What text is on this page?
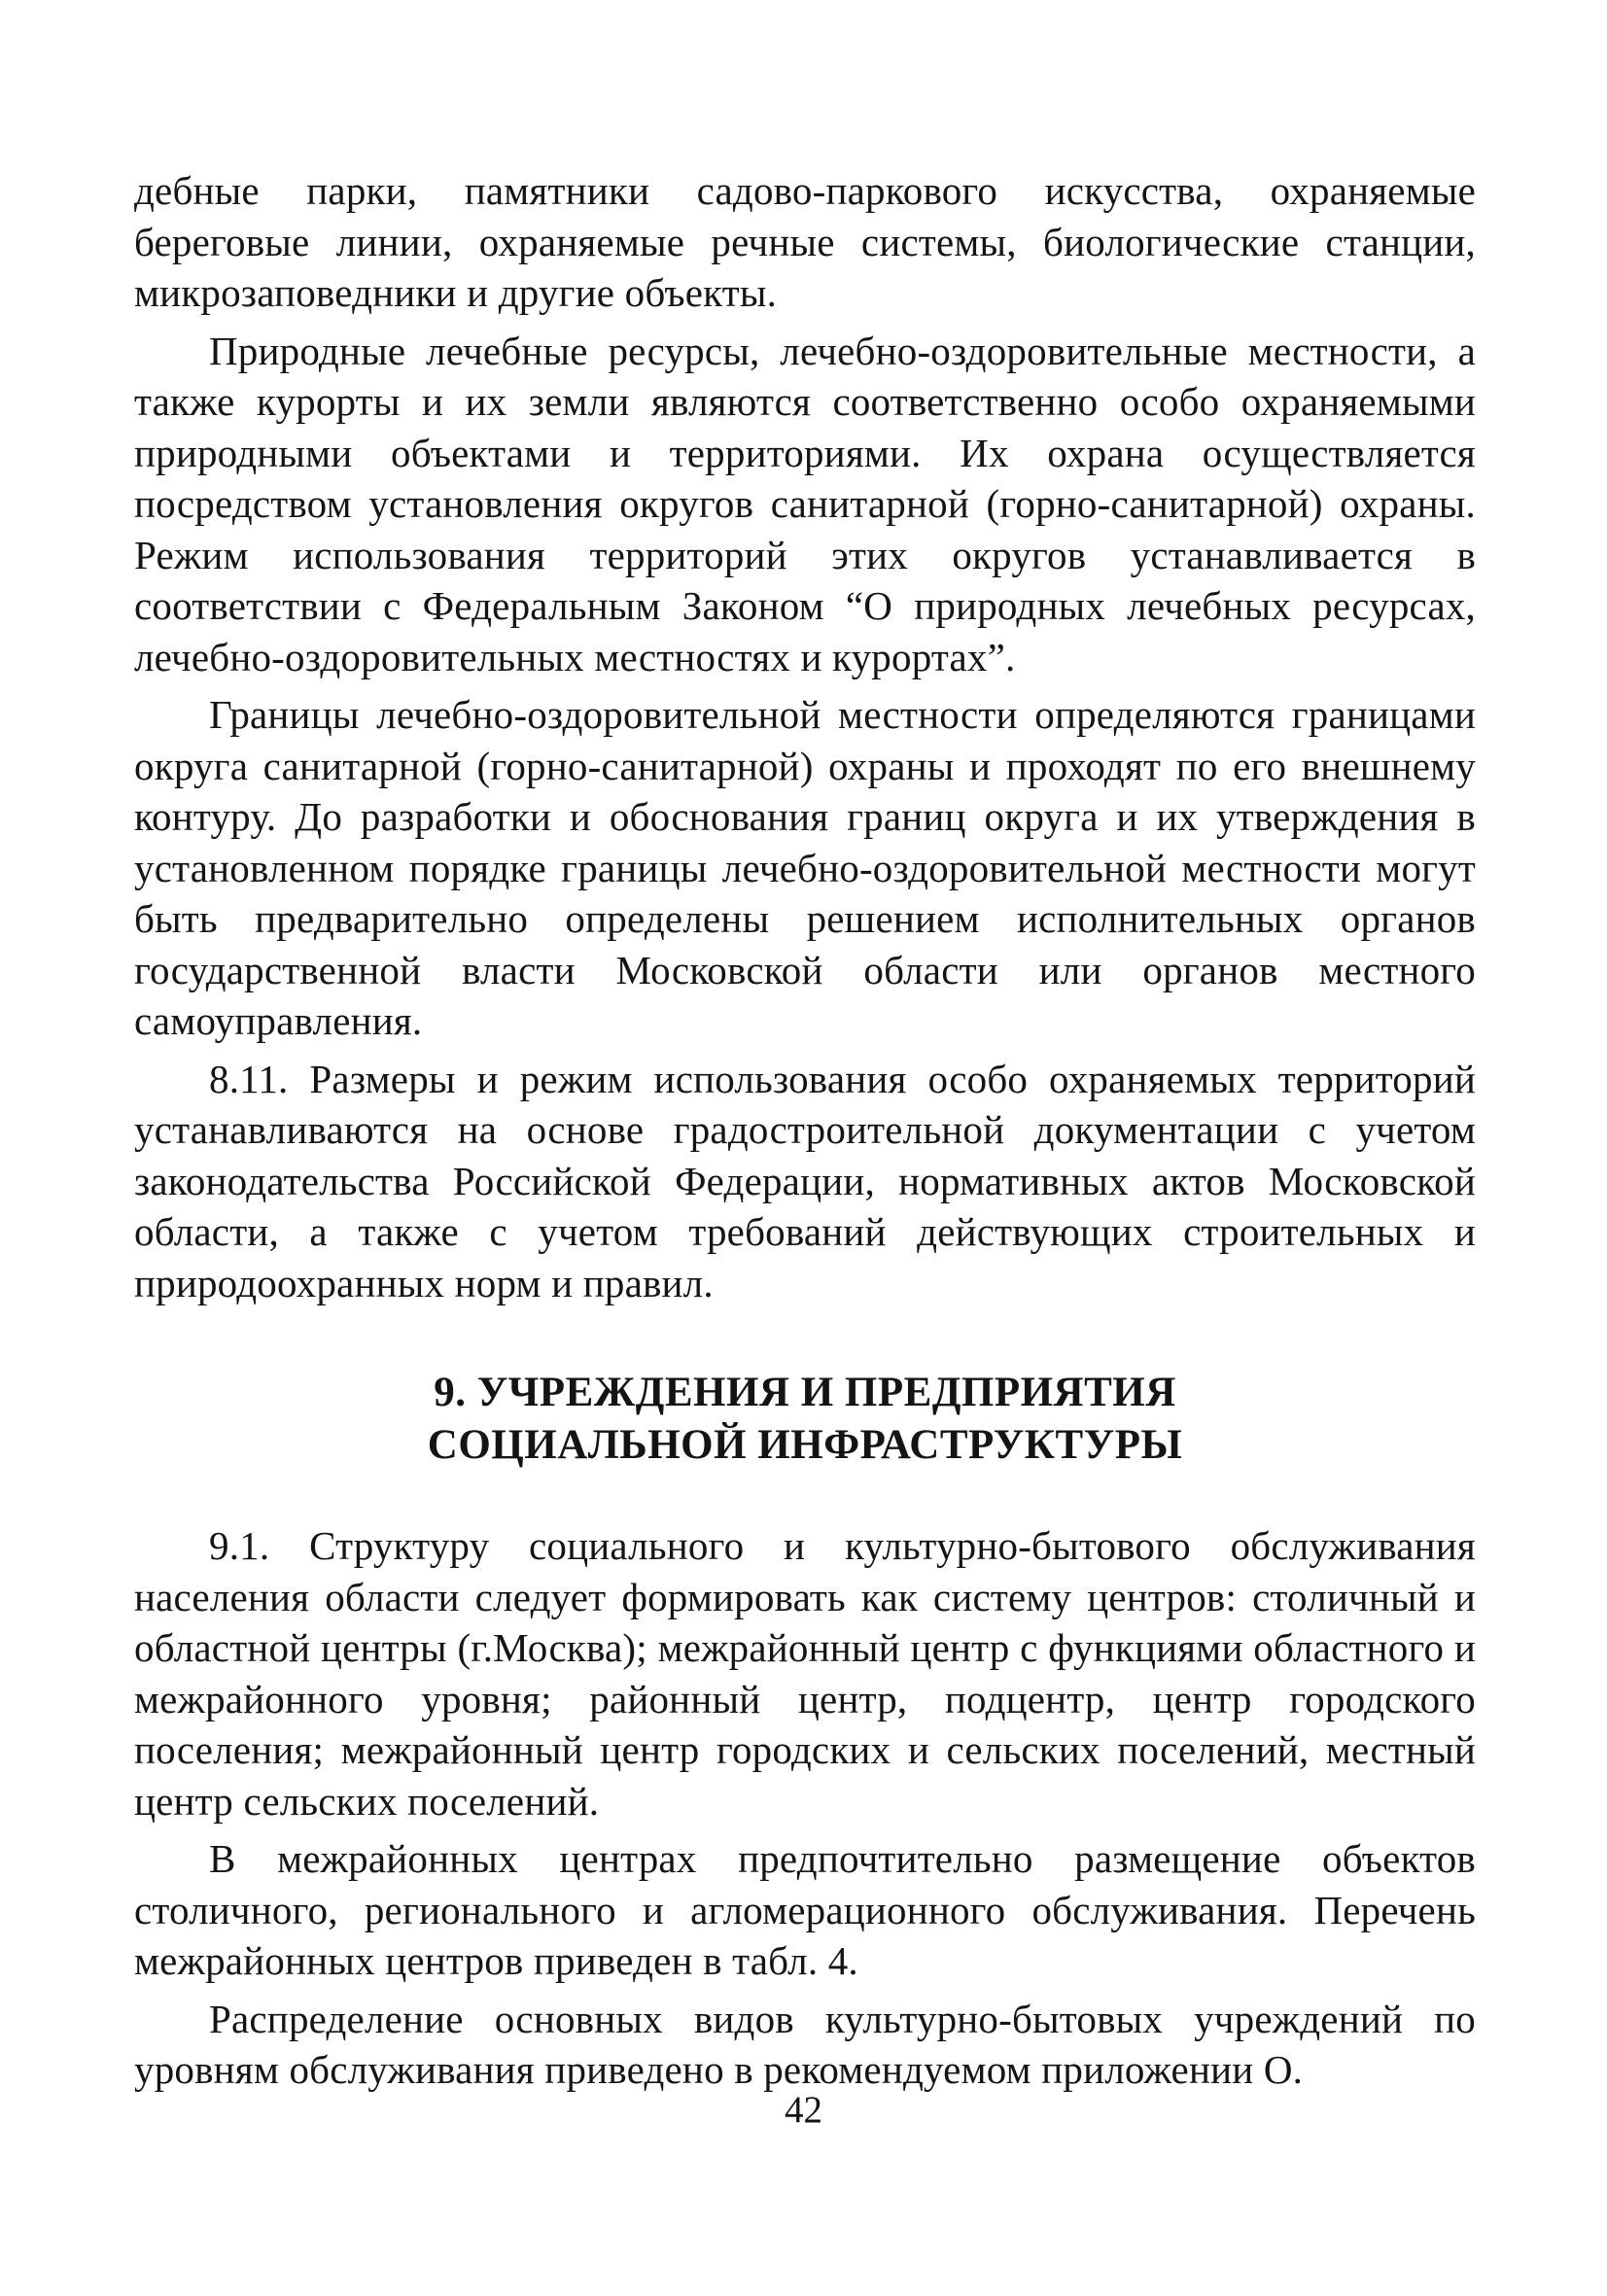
дебные парки, памятники садово-паркового искусства, охраняемые береговые линии, охраняемые речные системы, биологические станции, микрозаповедники и другие объекты.

Природные лечебные ресурсы, лечебно-оздоровительные местности, а также курорты и их земли являются соответственно особо охраняемыми природными объектами и территориями. Их охрана осуществляется посредством установления округов санитарной (горно-санитарной) охраны. Режим использования территорий этих округов устанавливается в соответствии с Федеральным Законом “О природных лечебных ресурсах, лечебно-оздоровительных местностях и курортах”.

Границы лечебно-оздоровительной местности определяются границами округа санитарной (горно-санитарной) охраны и проходят по его внешнему контуру. До разработки и обоснования границ округа и их утверждения в установленном порядке границы лечебно-оздоровительной местности могут быть предварительно определены решением исполнительных органов государственной власти Московской области или органов местного самоуправления.

8.11. Размеры и режим использования особо охраняемых территорий устанавливаются на основе градостроительной документации с учетом законодательства Российской Федерации, нормативных актов Московской области, а также с учетом требований действующих строительных и природоохранных норм и правил.

9. УЧРЕЖДЕНИЯ И ПРЕДПРИЯТИЯ
СОЦИАЛЬНОЙ ИНФРАСТРУКТУРЫ

9.1. Структуру социального и культурно-бытового обслуживания населения области следует формировать как систему центров: столичный и областной центры (г.Москва); межрайонный центр с функциями областного и межрайонного уровня; районный центр, подцентр, центр городского поселения; межрайонный центр городских и сельских поселений, местный центр сельских поселений.

В межрайонных центрах предпочтительно размещение объектов столичного, регионального и агломерационного обслуживания. Перечень межрайонных центров приведен в табл. 4.

Распределение основных видов культурно-бытовых учреждений по уровням обслуживания приведено в рекомендуемом приложении О.

42
